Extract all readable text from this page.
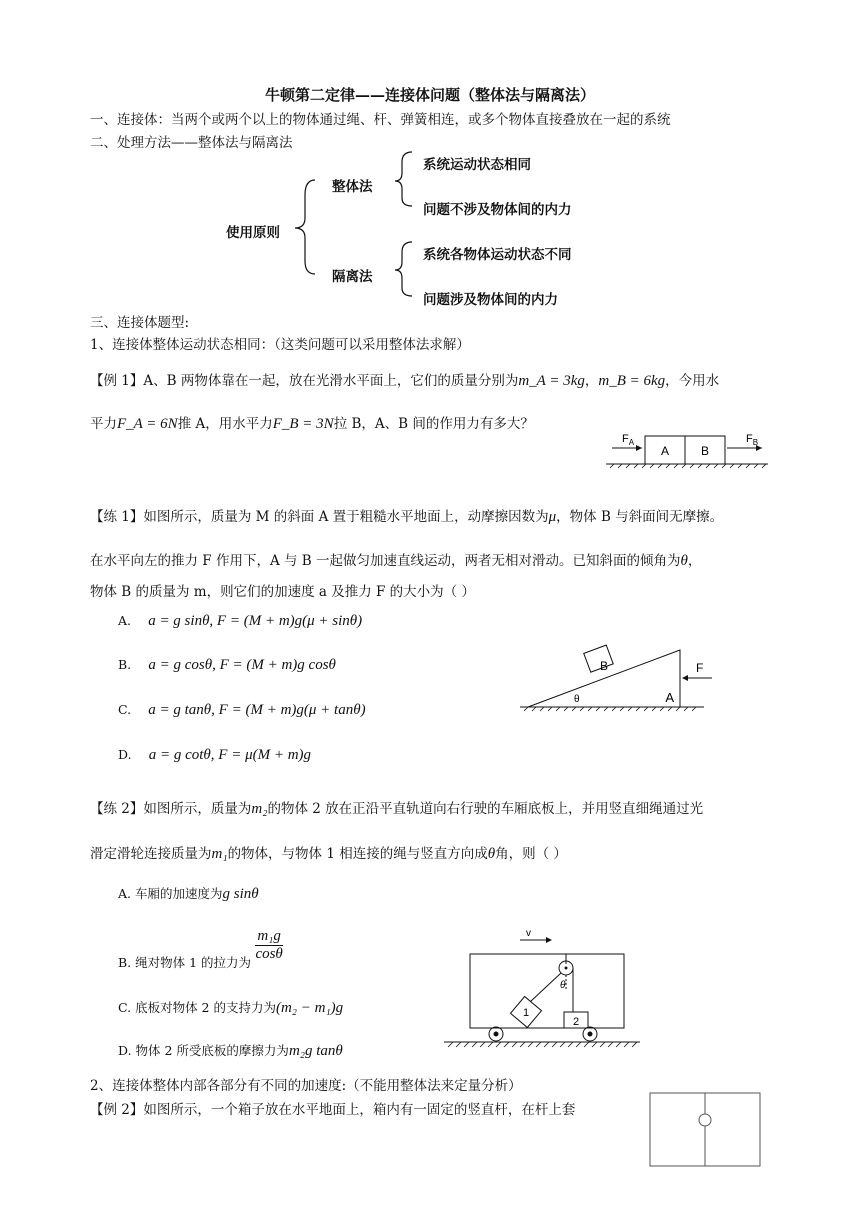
牛顿第二定律——连接体问题（整体法与隔离法）
一、连接体：当两个或两个以上的物体通过绳、杆、弹簧相连，或多个物体直接叠放在一起的系统
二、处理方法——整体法与隔离法
使用原则
整体法
系统运动状态相同
问题不涉及物体间的内力
隔离法
系统各物体运动状态不同
问题涉及物体间的内力
三、连接体题型:
1、连接体整体运动状态相同：（这类问题可以采用整体法求解）
【例 1】A、B 两物体靠在一起，放在光滑水平面上，它们的质量分别为m_A = 3kg，m_B = 6kg，今用水
平力F_A = 6N推 A，用水平力F_B = 3N拉 B，A、B 间的作用力有多大？
A	B
$F_A$	$F_B$
【练 1】如图所示，质量为 M 的斜面 A 置于粗糙水平地面上，动摩擦因数为μ，物体 B 与斜面间无摩擦。
在水平向左的推力 F 作用下，A 与 B 一起做匀加速直线运动，两者无相对滑动。已知斜面的倾角为θ，
物体 B 的质量为 m，则它们的加速度 a 及推力 F 的大小为（ ）
A. a = g sinθ, F = (M + m)g(μ + sinθ)
B. a = g cosθ, F = (M + m)g cosθ
C. a = g tanθ, F = (M + m)g(μ + tanθ)
D. a = g cotθ, F = μ(M + m)g
B
θ	A
F
【练 2】如图所示，质量为m₂的物体 2 放在正沿平直轨道向右行驶的车厢底板上，并用竖直细绳通过光
滑定滑轮连接质量为m₁的物体，与物体 1 相连接的绳与竖直方向成θ角，则（ ）
A. 车厢的加速度为g sinθ
B. 绳对物体 1 的拉力为 $\frac{\text{m₁g}}{\cos\theta}$
C. 底板对物体 2 的支持力为(m₂ − m₁)g
D. 物体 2 所受底板的摩擦力为m₂g tanθ
v
θ
1
2
2、连接体整体内部各部分有不同的加速度:（不能用整体法来定量分析）
【例 2】如图所示，一个箱子放在水平地面上，箱内有一固定的竖直杆，在杆上套
